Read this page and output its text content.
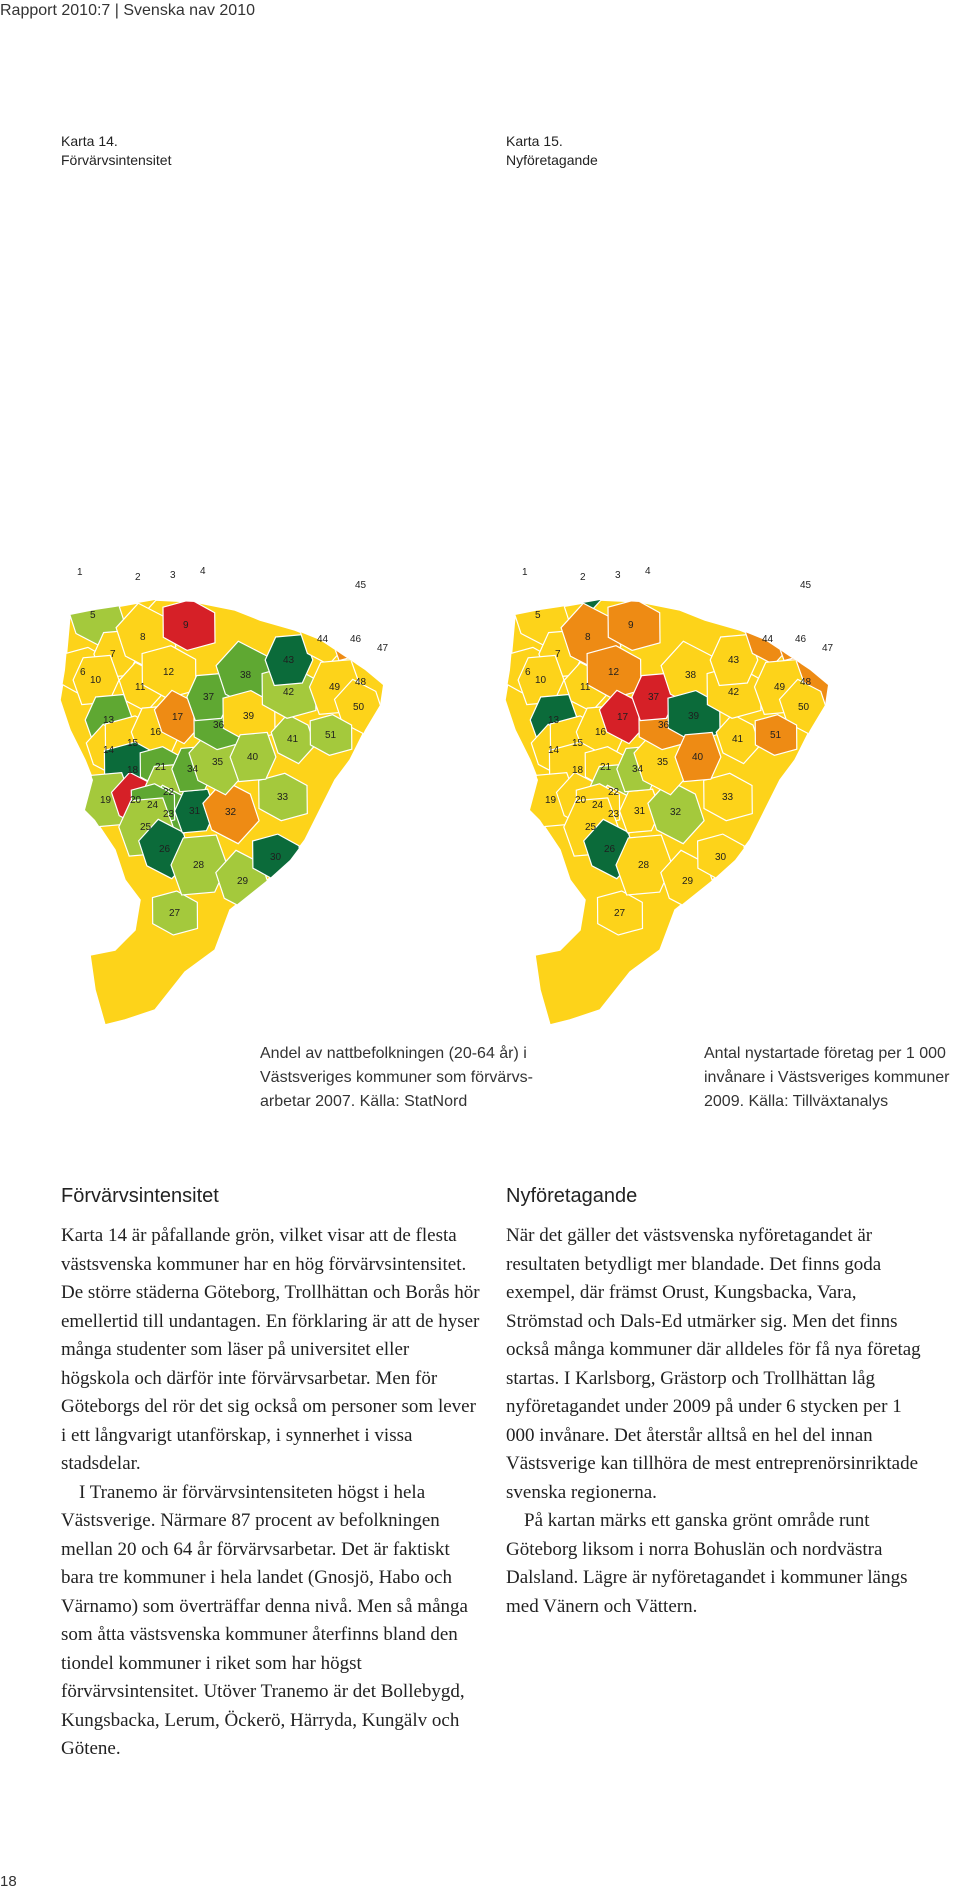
Rapport 2010:7 | Svenska nav 2010
Karta 14.
Förvärvsintensitet
Karta 15.
Nyföretagande
1	2	3 4
5
6
7
8
9
10
11
12
13
14
15
16
17
18
19 20
21
22
23
24
25
26
27
28
29
30
31 32
33
34
35
36
37
38
39
40
41
42
43
44
45
46
47
48
49
50
51
1	2	3 4
5
6
7
8
9
10
11
12
13
14
15
16
17
18
19 20
21
22
23
24
25
26
27
28
29
30
31 32
33
34
35
36
37
38
39
40
41
42
43
44
45
46
47
48
49
50
51
Andel av nattbefolkningen (20-64 år) i Västsveriges kommuner som förvärvs-arbetar 2007. Källa: StatNord
Antal nystartade företag per 1 000 invånare i Västsveriges kommuner 2009. Källa: Tillväxtanalys
Förvärvsintensitet

Karta 14 är påfallande grön, vilket visar att de flesta västsvenska kommuner har en hög förvärvsintensitet. De större städerna Göteborg, Trollhättan och Borås hör emellertid till undantagen. En förklaring är att de hyser många studenter som läser på universitet eller högskola och därför inte förvärvsarbetar. Men för Göteborgs del rör det sig också om personer som lever i ett långvarigt utanförskap, i synnerhet i vissa stadsdelar.

I Tranemo är förvärvsintensiteten högst i hela Västsverige. Närmare 87 procent av befolkningen mellan 20 och 64 år förvärvsarbetar. Det är faktiskt bara tre kommuner i hela landet (Gnosjö, Habo och Värnamo) som överträffar denna nivå. Men så många som åtta västsvenska kommuner återfinns bland den tiondel kommuner i riket som har högst förvärvsintensitet. Utöver Tranemo är det Bollebygd, Kungsbacka, Lerum, Öckerö, Härryda, Kungälv och Götene.

Nyföretagande

När det gäller det västsvenska nyföretagandet är resultaten betydligt mer blandade. Det finns goda exempel, där främst Orust, Kungsbacka, Vara, Strömstad och Dals-Ed utmärker sig. Men det finns också många kommuner där alldeles för få nya företag startas. I Karlsborg, Grästorp och Trollhättan låg nyföretagandet under 2009 på under 6 stycken per 1 000 invånare. Det återstår alltså en hel del innan Västsverige kan tillhöra de mest entreprenörsinriktade svenska regionerna.

På kartan märks ett ganska grönt område runt Göteborg liksom i norra Bohuslän och nordvästra Dalsland. Lägre är nyföretagandet i kommuner längs med Vänern och Vättern.

18
